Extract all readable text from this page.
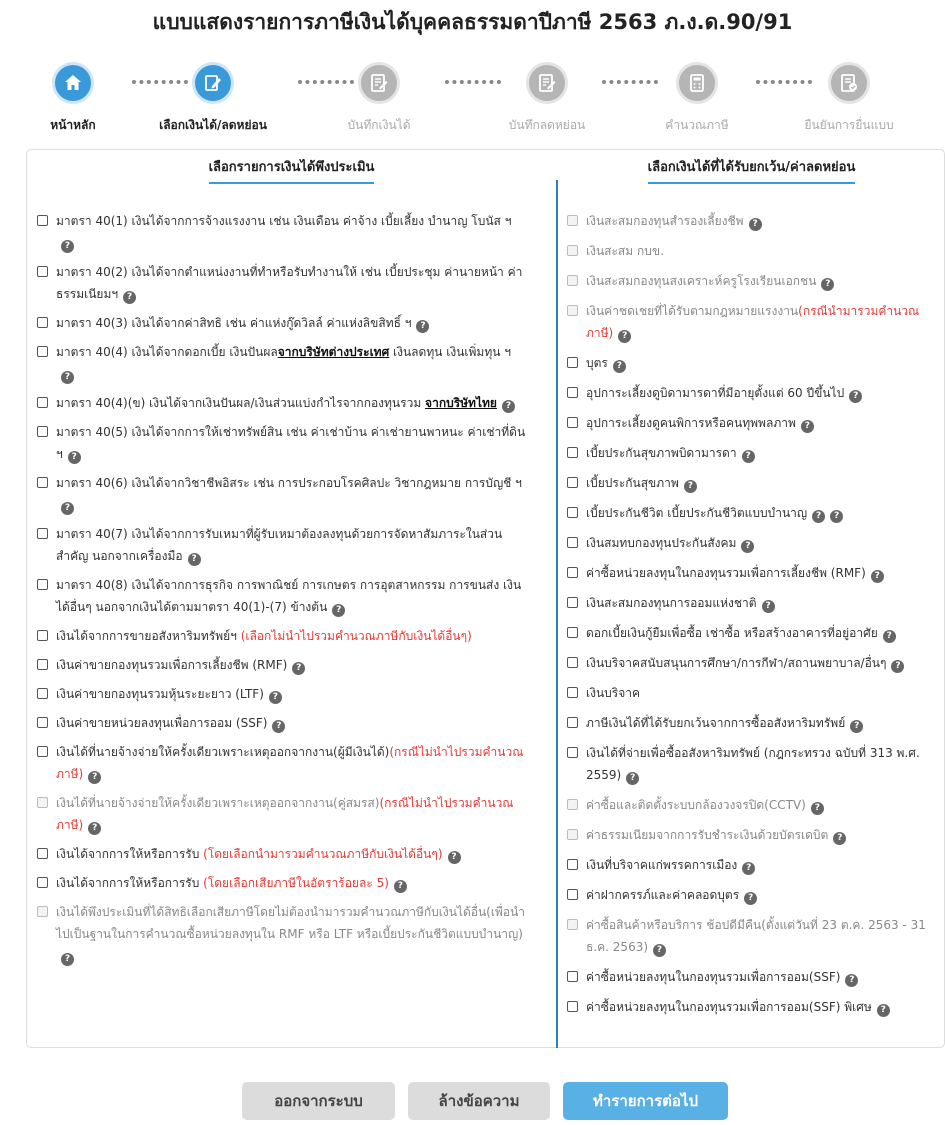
แบบแสดงรายการภาษีเงินได้บุคคลธรรมดาปีภาษี 2563 ภ.ง.ด.90/91
หน้าหลัก	เลือกเงินได้/ลดหย่อน	บันทึกเงินได้	บันทึกลดหย่อน	คำนวณภาษี	ยืนยันการยื่นแบบ
เลือกรายการเงินได้พึงประเมิน
มาตรา 40(1) เงินได้จากการจ้างแรงงาน เช่น เงินเดือน ค่าจ้าง เบี้ยเลี้ยง บำนาญ โบนัส ฯ?
มาตรา 40(2) เงินได้จากตำแหน่งงานที่ทำหรือรับทำงานให้ เช่น เบี้ยประชุม ค่านายหน้า ค่าธรรมเนียมฯ ?
มาตรา 40(3) เงินได้จากค่าสิทธิ เช่น ค่าแห่งกู๊ดวิลล์ ค่าแห่งลิขสิทธิ์ ฯ ?
มาตรา 40(4) เงินได้จากดอกเบี้ย เงินปันผลจากบริษัทต่างประเทศ เงินลดทุน เงินเพิ่มทุน ฯ?
มาตรา 40(4)(ข) เงินได้จากเงินปันผล/เงินส่วนแบ่งกำไรจากกองทุนรวม จากบริษัทไทย ?
มาตรา 40(5) เงินได้จากการให้เช่าทรัพย์สิน เช่น ค่าเช่าบ้าน ค่าเช่ายานพาหนะ ค่าเช่าที่ดิน ฯ ?
มาตรา 40(6) เงินได้จากวิชาชีพอิสระ เช่น การประกอบโรคศิลปะ วิชากฎหมาย การบัญชี ฯ?
มาตรา 40(7) เงินได้จากการรับเหมาที่ผู้รับเหมาต้องลงทุนด้วยการจัดหาสัมภาระในส่วนสำคัญ นอกจากเครื่องมือ ?
มาตรา 40(8) เงินได้จากการธุรกิจ การพาณิชย์ การเกษตร การอุตสาหกรรม การขนส่ง เงินได้อื่นๆ นอกจากเงินได้ตามมาตรา 40(1)-(7) ข้างต้น ?
เงินได้จากการขายอสังหาริมทรัพย์ฯ (เลือกไม่นำไปรวมคำนวณภาษีกับเงินได้อื่นๆ)
เงินค่าขายกองทุนรวมเพื่อการเลี้ยงชีพ (RMF) ?
เงินค่าขายกองทุนรวมหุ้นระยะยาว (LTF) ?
เงินค่าขายหน่วยลงทุนเพื่อการออม (SSF) ?
เงินได้ที่นายจ้างจ่ายให้ครั้งเดียวเพราะเหตุออกจากงาน(ผู้มีเงินได้)(กรณีไม่นำไปรวมคำนวณภาษี) ?
เงินได้ที่นายจ้างจ่ายให้ครั้งเดียวเพราะเหตุออกจากงาน(คู่สมรส)(กรณีไม่นำไปรวมคำนวณภาษี) ?
เงินได้จากการให้หรือการรับ (โดยเลือกนำมารวมคำนวณภาษีกับเงินได้อื่นๆ) ?
เงินได้จากการให้หรือการรับ (โดยเลือกเสียภาษีในอัตราร้อยละ 5) ?
เงินได้พึงประเมินที่ได้สิทธิเลือกเสียภาษีโดยไม่ต้องนำมารวมคำนวณภาษีกับเงินได้อื่น(เพื่อนำไปเป็นฐานในการคำนวณซื้อหน่วยลงทุนใน RMF หรือ LTF หรือเบี้ยประกันชีวิตแบบบำนาญ)?
เลือกเงินได้ที่ได้รับยกเว้น/ค่าลดหย่อน
เงินสะสมกองทุนสำรองเลี้ยงชีพ ?
เงินสะสม กบข.
เงินสะสมกองทุนสงเคราะห์ครูโรงเรียนเอกชน ?
เงินค่าชดเชยที่ได้รับตามกฎหมายแรงงาน(กรณีนำมารวมคำนวณภาษี) ?
บุตร ?
อุปการะเลี้ยงดูบิดามารดาที่มีอายุตั้งแต่ 60 ปีขึ้นไป ?
อุปการะเลี้ยงดูคนพิการหรือคนทุพพลภาพ ?
เบี้ยประกันสุขภาพบิดามารดา ?
เบี้ยประกันสุขภาพ ?
เบี้ยประกันชีวิต เบี้ยประกันชีวิตแบบบำนาญ ? ?
เงินสมทบกองทุนประกันสังคม ?
ค่าซื้อหน่วยลงทุนในกองทุนรวมเพื่อการเลี้ยงชีพ (RMF) ?
เงินสะสมกองทุนการออมแห่งชาติ ?
ดอกเบี้ยเงินกู้ยืมเพื่อซื้อ เช่าซื้อ หรือสร้างอาคารที่อยู่อาศัย ?
เงินบริจาคสนับสนุนการศึกษา/การกีฬา/สถานพยาบาล/อื่นๆ ?
เงินบริจาค
ภาษีเงินได้ที่ได้รับยกเว้นจากการซื้ออสังหาริมทรัพย์ ?
เงินได้ที่จ่ายเพื่อซื้ออสังหาริมทรัพย์ (กฎกระทรวง ฉบับที่ 313 พ.ศ. 2559) ?
ค่าซื้อและติดตั้งระบบกล้องวงจรปิด(CCTV) ?
ค่าธรรมเนียมจากการรับชำระเงินด้วยบัตรเดบิต ?
เงินที่บริจาคแก่พรรคการเมือง ?
ค่าฝากครรภ์และค่าคลอดบุตร ?
ค่าซื้อสินค้าหรือบริการ ช้อปดีมีคืน(ตั้งแต่วันที่ 23 ต.ค. 2563 - 31 ธ.ค. 2563) ?
ค่าซื้อหน่วยลงทุนในกองทุนรวมเพื่อการออม(SSF) ?
ค่าซื้อหน่วยลงทุนในกองทุนรวมเพื่อการออม(SSF) พิเศษ ?
ออกจากระบบ	ล้างข้อความ	ทำรายการต่อไป
